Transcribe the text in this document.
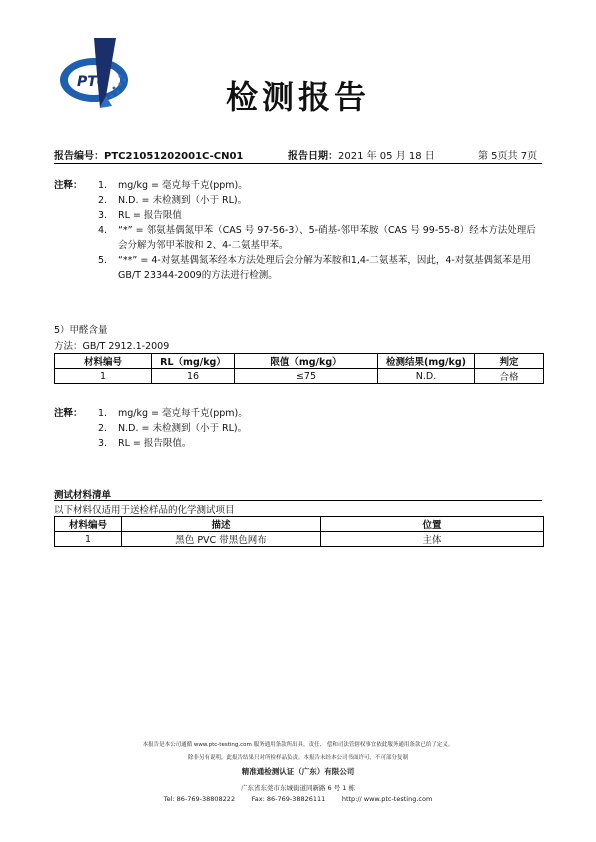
PTC	检测报告
报告编号：PTC21051202001C-CN01	报告日期：2021 年 05 月 18 日	第 5页共 7页
注释： 1. mg/kg = 毫克每千克(ppm)。
2. N.D. = 未检测到（小于 RL)。
3. RL = 报告限值
4. “*” = 邻氨基偶氮甲苯（CAS 号 97-56-3）、5-硝基-邻甲苯胺（CAS 号 99-55-8）经本方法处理后会分解为邻甲苯胺和 2、4-二氨基甲苯。
5. “**” = 4-对氨基偶氮苯经本方法处理后会分解为苯胺和1,4-二氨基苯，因此，4-对氨基偶氮苯是用GB/T 23344-2009的方法进行检测。
5）甲醛含量
方法：GB/T 2912.1-2009
材料编号	RL（mg/kg）	限值（mg/kg）	检测结果(mg/kg)	判定
1	16	≤75	N.D.	合格
注释： 1. mg/kg = 毫克每千克(ppm)。
2. N.D. = 未检测到（小于 RL)。
3. RL = 报告限值。
测试材料清单
以下材料仅适用于送检样品的化学测试项目
材料编号	描述	位置
1	黑色 PVC 带黑色网布	主体
本报告是本公司通循 www.ptc-testing.com 服务通用条款所出具。责任、 偿和司法管辖权事宜依此服务通用条款已给了定义。
除非另有说明，此报告结果只对所检样品负责。本报告未经本公司书面许可，不可部分复制
精准通检测认证（广东）有限公司
广东省东莞市东城街道同新路 6 号 1 栋
Tel: 86-769-38808222        Fax: 86-769-38826111        http:// www.ptc-testing.com
